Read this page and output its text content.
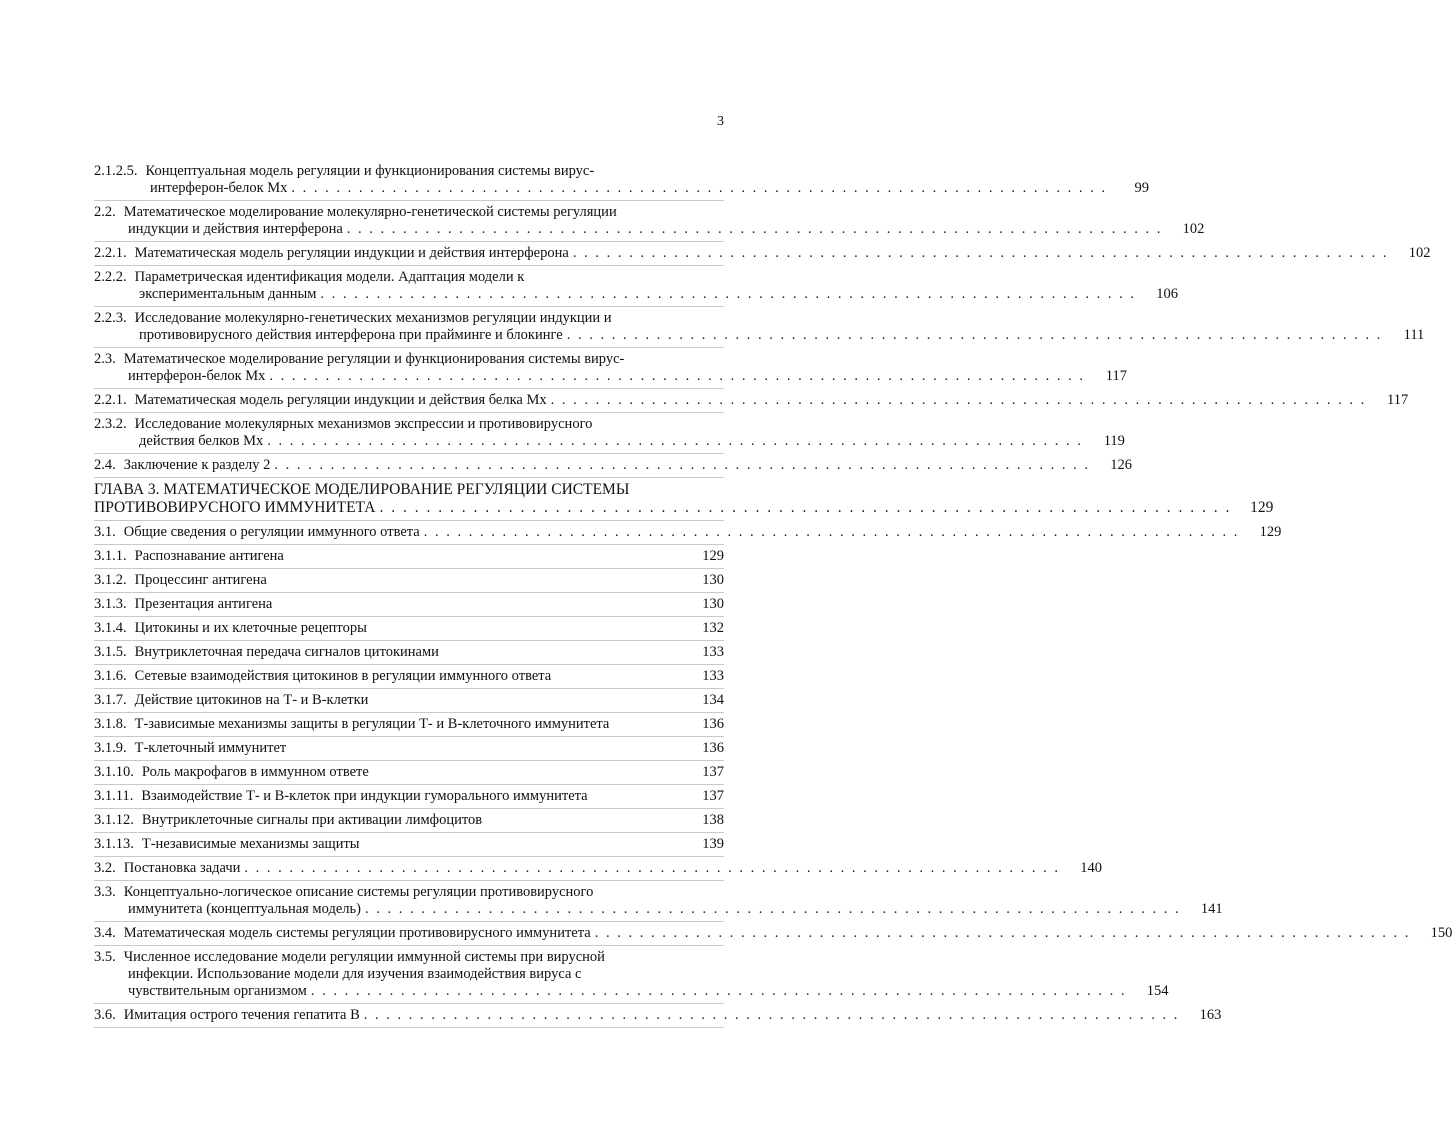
3
2.1.2.5. Концептуальная модель регуляции и функционирования системы вирус-
интерферон-белок Mx . . . . . . . . . . . . . . . . . . . . . . . . . . . . . . . . . . . . . . . . . . . . . . . . . . . . . . . . . . . . . . . . . . . . . . . . .	99
2.2. Математическое моделирование молекулярно-генетической системы регуляции
индукции и действия интерферона . . . . . . . . . . . . . . . . . . . . . . . . . . . . . . . . . . . . . . . . . . . . . . . . . . . . . . . . . . . . . . . . . . . . . . . . .	102
2.2.1. Математическая модель регуляции индукции и действия интерферона . . . . . . . . . . . . . . . . . . . . . . . . . . . . . . . . . . . . . . . . . . . . . . . . . . . . . . . . . . . . . . . . . . . . . . . . .	102
2.2.2. Параметрическая идентификация модели. Адаптация модели к
экспериментальным данным . . . . . . . . . . . . . . . . . . . . . . . . . . . . . . . . . . . . . . . . . . . . . . . . . . . . . . . . . . . . . . . . . . . . . . . . .	106
2.2.3. Исследование молекулярно-генетических механизмов регуляции индукции и
противовирусного действия интерферона при прайминге и блокинге . . . . . . . . . . . . . . . . . . . . . . . . . . . . . . . . . . . . . . . . . . . . . . . . . . . . . . . . . . . . . . . . . . . . . . . . .	111
2.3. Математическое моделирование регуляции и функционирования системы вирус-
интерферон-белок Mx . . . . . . . . . . . . . . . . . . . . . . . . . . . . . . . . . . . . . . . . . . . . . . . . . . . . . . . . . . . . . . . . . . . . . . . . .	117
2.2.1. Математическая модель регуляции индукции и действия белка Mx . . . . . . . . . . . . . . . . . . . . . . . . . . . . . . . . . . . . . . . . . . . . . . . . . . . . . . . . . . . . . . . . . . . . . . . . .	117
2.3.2. Исследование молекулярных механизмов экспрессии и противовирусного
действия белков Mx . . . . . . . . . . . . . . . . . . . . . . . . . . . . . . . . . . . . . . . . . . . . . . . . . . . . . . . . . . . . . . . . . . . . . . . . .	119
2.4. Заключение к разделу 2 . . . . . . . . . . . . . . . . . . . . . . . . . . . . . . . . . . . . . . . . . . . . . . . . . . . . . . . . . . . . . . . . . . . . . . . . .	126
ГЛАВА 3. МАТЕМАТИЧЕСКОЕ МОДЕЛИРОВАНИЕ РЕГУЛЯЦИИ СИСТЕМЫ
ПРОТИВОВИРУСНОГО ИММУНИТЕТА . . . . . . . . . . . . . . . . . . . . . . . . . . . . . . . . . . . . . . . . . . . . . . . . . . . . . . . . . . . . . . . . . . . . . . . . .	129
3.1. Общие сведения о регуляции иммунного ответа . . . . . . . . . . . . . . . . . . . . . . . . . . . . . . . . . . . . . . . . . . . . . . . . . . . . . . . . . . . . . . . . . . . . . . . . .	129
3.1.1. Распознавание антигена	129
3.1.2. Процессинг антигена	130
3.1.3. Презентация антигена	130
3.1.4. Цитокины и их клеточные рецепторы	132
3.1.5. Внутриклеточная передача сигналов цитокинами	133
3.1.6. Сетевые взаимодействия цитокинов в регуляции иммунного ответа	133
3.1.7. Действие цитокинов на Т- и В-клетки	134
3.1.8. Т-зависимые механизмы защиты в регуляции Т- и В-клеточного иммунитета	136
3.1.9. Т-клеточный иммунитет	136
3.1.10. Роль макрофагов в иммунном ответе	137
3.1.11. Взаимодействие Т- и В-клеток при индукции гуморального иммунитета	137
3.1.12. Внутриклеточные сигналы при активации лимфоцитов	138
3.1.13. Т-независимые механизмы защиты	139
3.2. Постановка задачи . . . . . . . . . . . . . . . . . . . . . . . . . . . . . . . . . . . . . . . . . . . . . . . . . . . . . . . . . . . . . . . . . . . . . . . . .	140
3.3. Концептуально-логическое описание системы регуляции противовирусного
иммунитета (концептуальная модель) . . . . . . . . . . . . . . . . . . . . . . . . . . . . . . . . . . . . . . . . . . . . . . . . . . . . . . . . . . . . . . . . . . . . . . . . .	141
3.4. Математическая модель системы регуляции противовирусного иммунитета . . . . . . . . . . . . . . . . . . . . . . . . . . . . . . . . . . . . . . . . . . . . . . . . . . . . . . . . . . . . . . . . . . . . . . . . .	150
3.5. Численное исследование модели регуляции иммунной системы при вирусной
инфекции. Использование модели для изучения взаимодействия вируса с
чувствительным организмом . . . . . . . . . . . . . . . . . . . . . . . . . . . . . . . . . . . . . . . . . . . . . . . . . . . . . . . . . . . . . . . . . . . . . . . . .	154
3.6. Имитация острого течения гепатита В . . . . . . . . . . . . . . . . . . . . . . . . . . . . . . . . . . . . . . . . . . . . . . . . . . . . . . . . . . . . . . . . . . . . . . . . .	163
